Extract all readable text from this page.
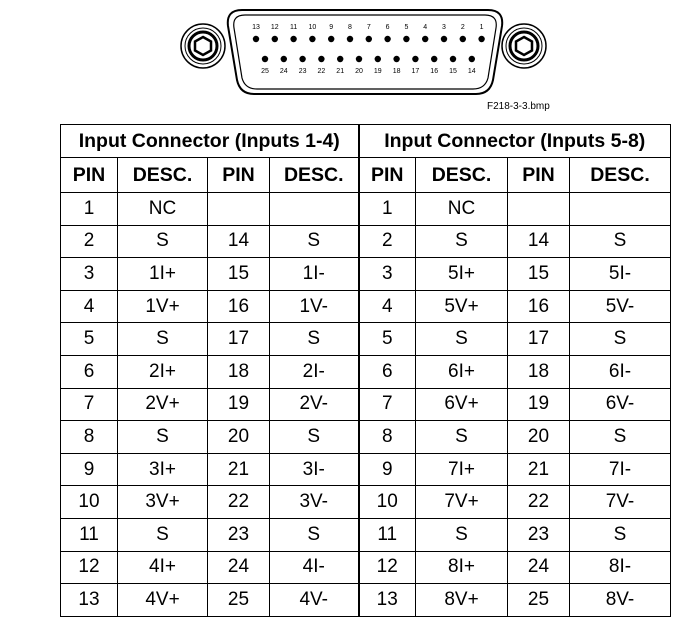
13 12 11 10 9 8 7 6 5 4 3 2 1
25 24 23 22 21 20 19 18 17 16 15 14
F218-3-3.bmp
Input Connector (Inputs 1-4)				Input Connector (Inputs 5-8)			
PIN	DESC.	PIN	DESC.	PIN	DESC.	PIN	DESC.
1	NC			1	NC		
2	S	14	S	2	S	14	S
3	1I+	15	1I-	3	5I+	15	5I-
4	1V+	16	1V-	4	5V+	16	5V-
5	S	17	S	5	S	17	S
6	2I+	18	2I-	6	6I+	18	6I-
7	2V+	19	2V-	7	6V+	19	6V-
8	S	20	S	8	S	20	S
9	3I+	21	3I-	9	7I+	21	7I-
10	3V+	22	3V-	10	7V+	22	7V-
11	S	23	S	11	S	23	S
12	4I+	24	4I-	12	8I+	24	8I-
13	4V+	25	4V-	13	8V+	25	8V-
